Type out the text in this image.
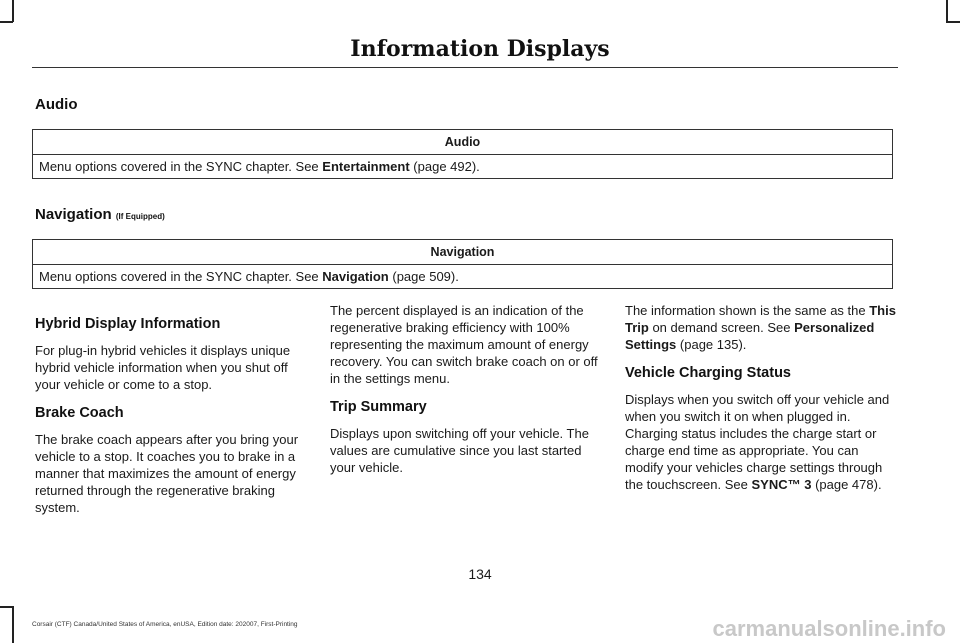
Information Displays
Audio
Audio
Menu options covered in the SYNC chapter. See Entertainment (page 492).
Navigation (If Equipped)
Navigation
Menu options covered in the SYNC chapter. See Navigation (page 509).
Hybrid Display Information

For plug-in hybrid vehicles it displays unique hybrid vehicle information when you shut off your vehicle or come to a stop.

Brake Coach

The brake coach appears after you bring your vehicle to a stop. It coaches you to brake in a manner that maximizes the amount of energy returned through the regenerative braking system.

The percent displayed is an indication of the regenerative braking efficiency with 100% representing the maximum amount of energy recovery. You can switch brake coach on or off in the settings menu.

Trip Summary

Displays upon switching off your vehicle. The values are cumulative since you last started your vehicle.

The information shown is the same as the This Trip on demand screen. See Personalized Settings (page 135).

Vehicle Charging Status

Displays when you switch off your vehicle and when you switch it on when plugged in. Charging status includes the charge start or charge end time as appropriate. You can modify your vehicles charge settings through the touchscreen. See SYNC™ 3 (page 478).

134
Corsair (CTF) Canada/United States of America, enUSA, Edition date: 202007, First-Printing	carmanualsonline.info
